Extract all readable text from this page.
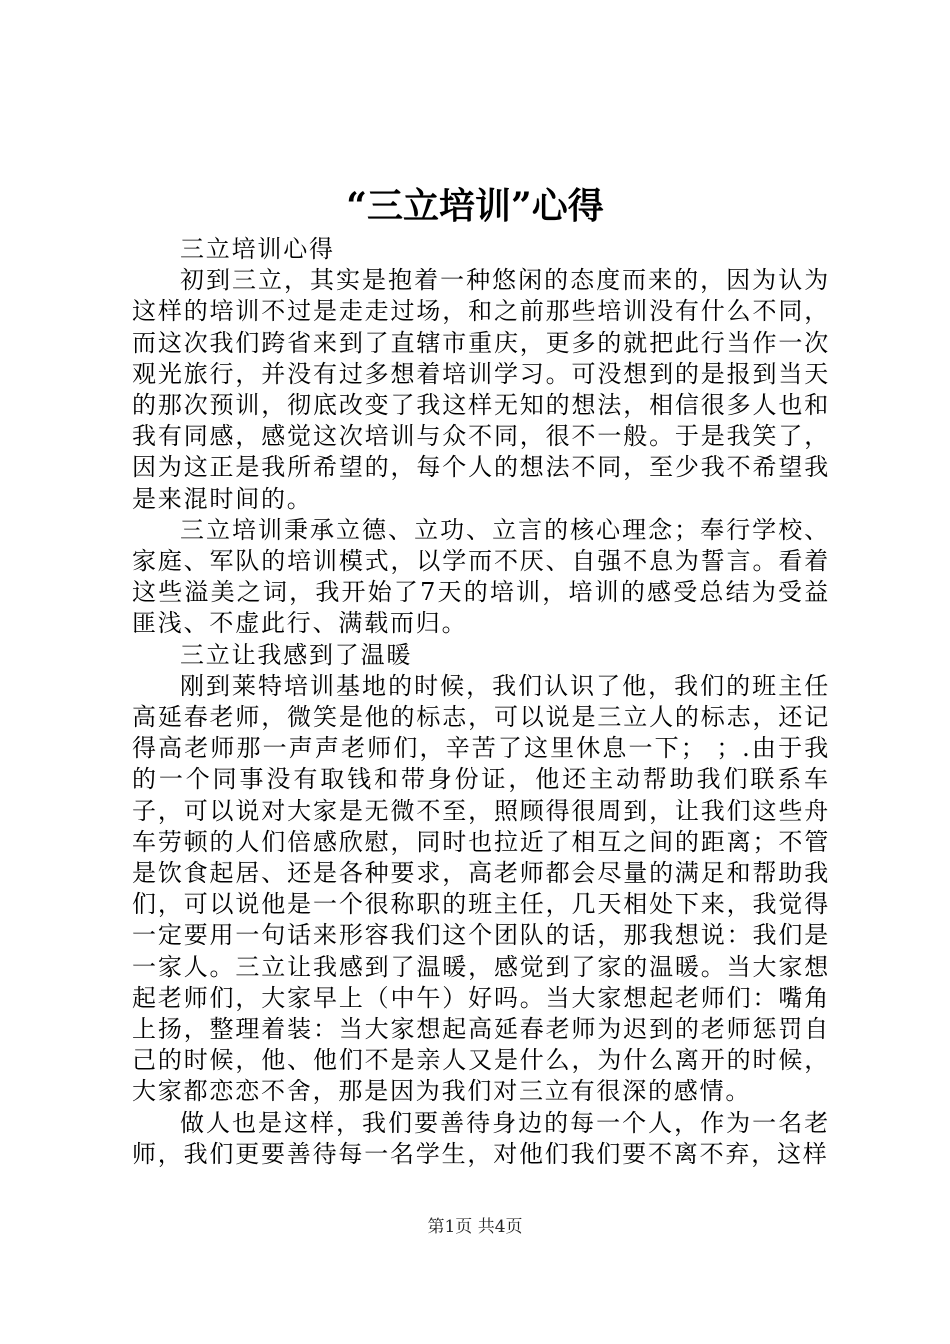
“三立培训”心得

三立培训心得

初到三立，其实是抱着一种悠闲的态度而来的，因为认为这样的培训不过是走走过场，和之前那些培训没有什么不同，而这次我们跨省来到了直辖市重庆，更多的就把此行当作一次观光旅行，并没有过多想着培训学习。可没想到的是报到当天的那次预训，彻底改变了我这样无知的想法，相信很多人也和我有同感，感觉这次培训与众不同，很不一般。于是我笑了，因为这正是我所希望的，每个人的想法不同，至少我不希望我是来混时间的。

三立培训秉承立德、立功、立言的核心理念；奉行学校、家庭、军队的培训模式，以学而不厌、自强不息为誓言。看着这些溢美之词，我开始了7天的培训，培训的感受总结为受益匪浅、不虚此行、满载而归。

三立让我感到了温暖

刚到莱特培训基地的时候，我们认识了他，我们的班主任高延春老师，微笑是他的标志，可以说是三立人的标志，还记得高老师那一声声老师们，辛苦了这里休息一下； ；.由于我的一个同事没有取钱和带身份证，他还主动帮助我们联系车子，可以说对大家是无微不至，照顾得很周到，让我们这些舟车劳顿的人们倍感欣慰，同时也拉近了相互之间的距离；不管是饮食起居、还是各种要求，高老师都会尽量的满足和帮助我们，可以说他是一个很称职的班主任，几天相处下来，我觉得一定要用一句话来形容我们这个团队的话，那我想说：我们是一家人。三立让我感到了温暖，感觉到了家的温暖。当大家想起老师们，大家早上（中午）好吗。当大家想起老师们：嘴角上扬，整理着装：当大家想起高延春老师为迟到的老师惩罚自己的时候，他、他们不是亲人又是什么，为什么离开的时候，大家都恋恋不舍，那是因为我们对三立有很深的感情。

做人也是这样，我们要善待身边的每一个人，作为一名老师，我们更要善待每一名学生，对他们我们要不离不弃，这样

第1页 共4页
